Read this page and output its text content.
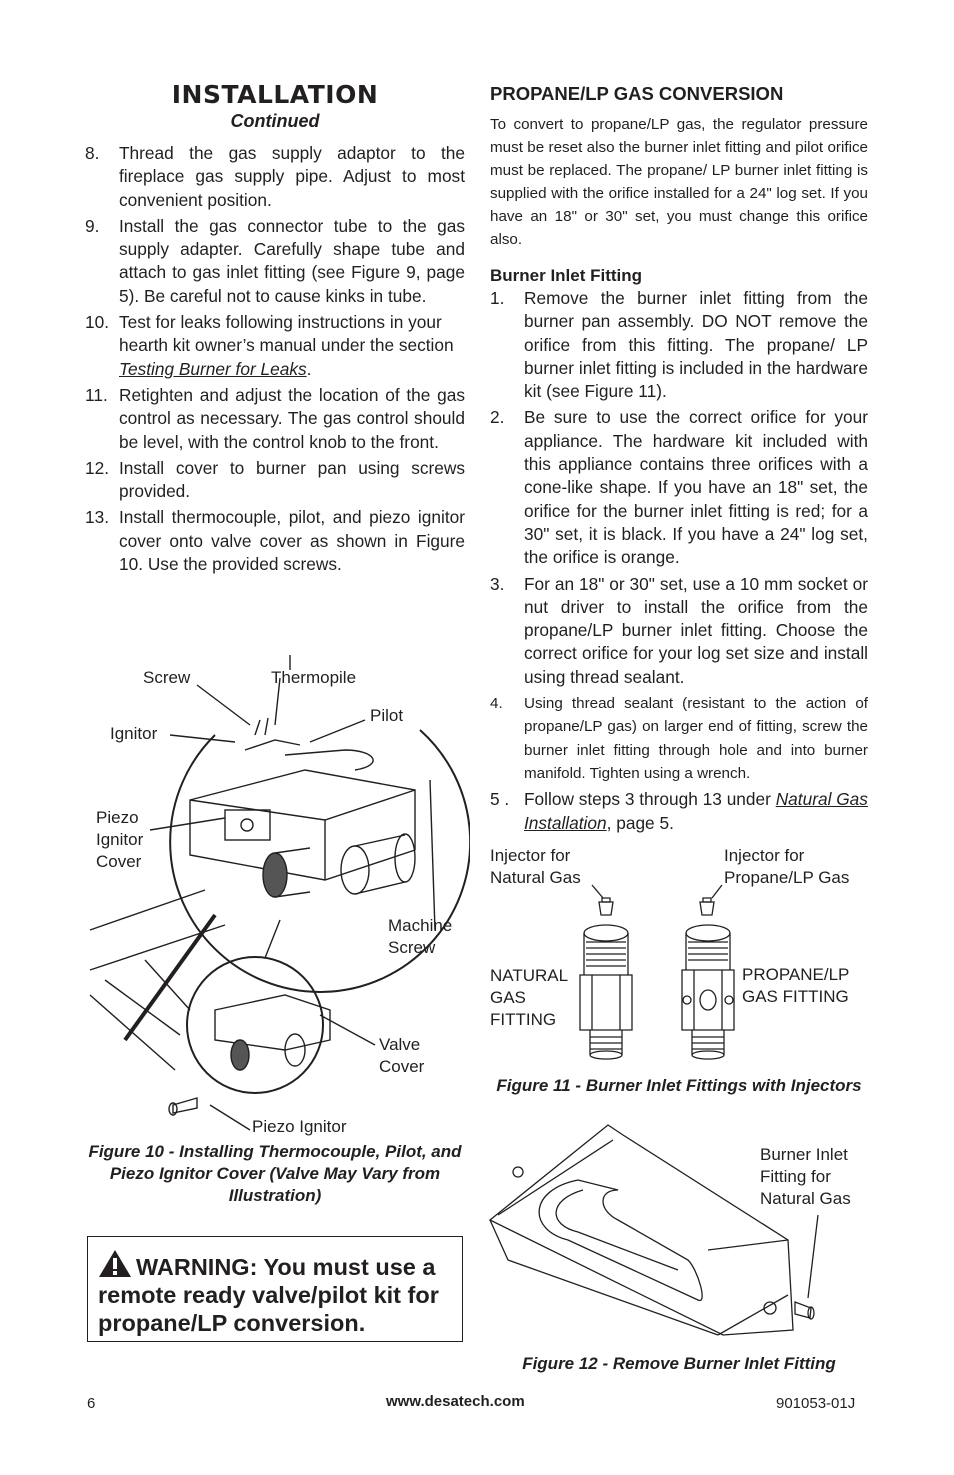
INSTALLATION
Continued
8. Thread the gas supply adaptor to the fireplace gas supply pipe. Adjust to most convenient position.
9. Install the gas connector tube to the gas supply adapter. Carefully shape tube and attach to gas inlet fitting (see Figure 9, page 5). Be careful not to cause kinks in tube.
10. Test for leaks following instructions in your hearth kit owner’s manual under the section Testing Burner for Leaks.
11. Retighten and adjust the location of the gas control as necessary. The gas control should be level, with the control knob to the front.
12. Install cover to burner pan using screws provided.
13. Install thermocouple, pilot, and piezo ignitor cover onto valve cover as shown in Figure 10. Use the provided screws.
Screw	Thermopile
Pilot
Ignitor
Piezo
Ignitor
Cover
Machine
Screw
Valve
Cover
Piezo Ignitor
Figure 10 - Installing Thermocouple, Pilot, and Piezo Ignitor Cover (Valve May Vary from Illustration)
WARNING: You must use a remote ready valve/pilot kit for propane/LP conversion.
PROPANE/LP GAS CONVERSION

To convert to propane/LP gas, the regulator pressure must be reset also the burner inlet fitting and pilot orifice must be replaced. The propane/ LP burner inlet fitting is supplied with the orifice installed for a 24" log set. If you have an 18" or 30" set, you must change this orifice also.

Burner Inlet Fitting
1. Remove the burner inlet fitting from the burner pan assembly. DO NOT remove the orifice from this fitting. The propane/ LP burner inlet fitting is included in the hardware kit (see Figure 11).
2. Be sure to use the correct orifice for your appliance. The hardware kit included with this appliance contains three orifices with a cone-like shape. If you have an 18" set, the orifice for the burner inlet fitting is red; for a 30" set, it is black. If you have a 24" log set, the orifice is orange.
3. For an 18" or 30" set, use a 10 mm socket or nut driver to install the orifice from the propane/LP burner inlet fitting. Choose the correct orifice for your log set size and install using thread sealant.
4. Using thread sealant (resistant to the action of propane/LP gas) on larger end of fitting, screw the burner inlet fitting through hole and into burner manifold. Tighten using a wrench.
5 . Follow steps 3 through 13 under Natural Gas Installation, page 5.
Injector for
Natural Gas
Injector for
Propane/LP Gas
NATURAL
GAS
FITTING
PROPANE/LP
GAS FITTING
Figure 11 - Burner Inlet Fittings with Injectors
Burner Inlet
Fitting for
Natural Gas
Figure 12 - Remove Burner Inlet Fitting
6	www.desatech.com	901053-01J
